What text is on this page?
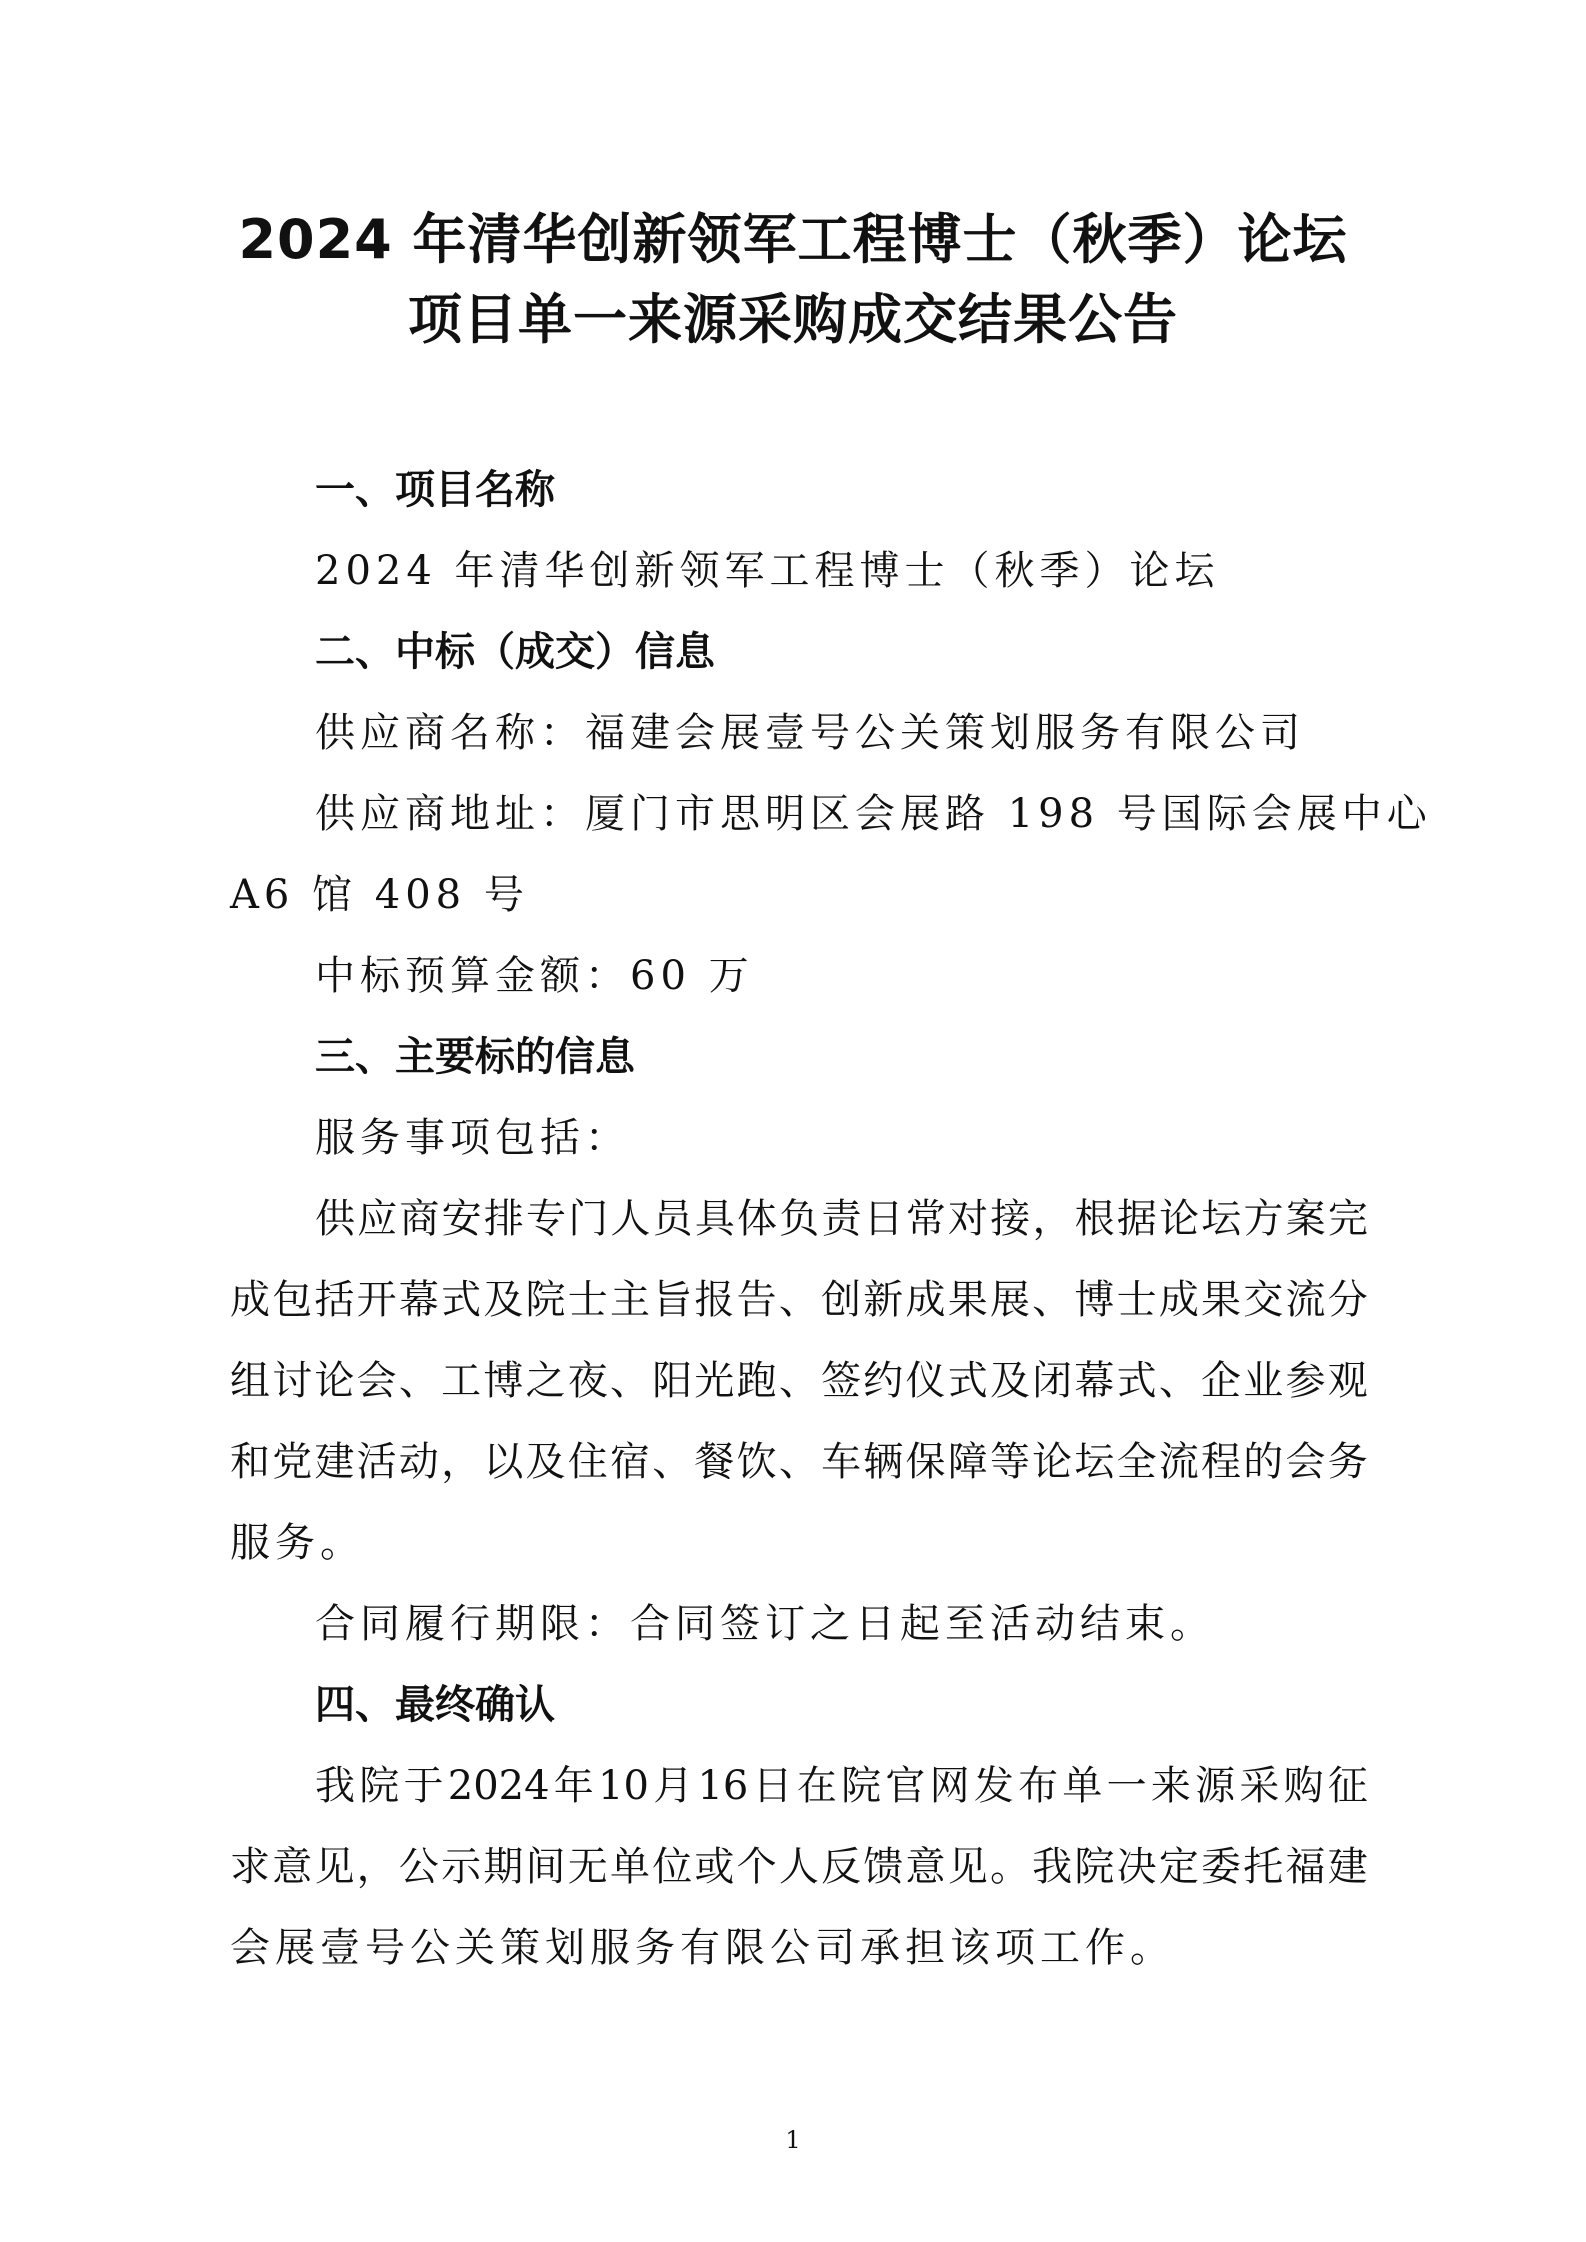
2024 年清华创新领军工程博士（秋季）论坛
项目单一来源采购成交结果公告
一、项目名称
2024 年清华创新领军工程博士（秋季）论坛
二、中标（成交）信息
供应商名称：福建会展壹号公关策划服务有限公司
供应商地址：厦门市思明区会展路 198 号国际会展中心
A6 馆 408 号
中标预算金额：60 万
三、主要标的信息
服务事项包括：
供 应 商 安 排 专 门 人 员 具 体 负 责 日 常 对 接 ， 根 据 论 坛 方 案 完
成 包 括 开 幕 式 及 院 士 主 旨 报 告 、 创 新 成 果 展 、 博 士 成 果 交 流 分
组 讨 论 会 、 工 博 之 夜 、 阳 光 跑 、 签 约 仪 式 及 闭 幕 式 、 企 业 参 观
和 党 建 活 动 ， 以 及 住 宿 、 餐 饮 、 车 辆 保 障 等 论 坛 全 流 程 的 会 务
服务。
合同履行期限：合同签订之日起至活动结束。
四、最终确认
我 院 于 2024 年 10 月 16 日 在 院 官 网 发 布 单 一 来 源 采 购 征
求 意 见 ， 公 示 期 间 无 单 位 或 个 人 反 馈 意 见 。 我 院 决 定 委 托 福 建
会展壹号公关策划服务有限公司承担该项工作。
1
